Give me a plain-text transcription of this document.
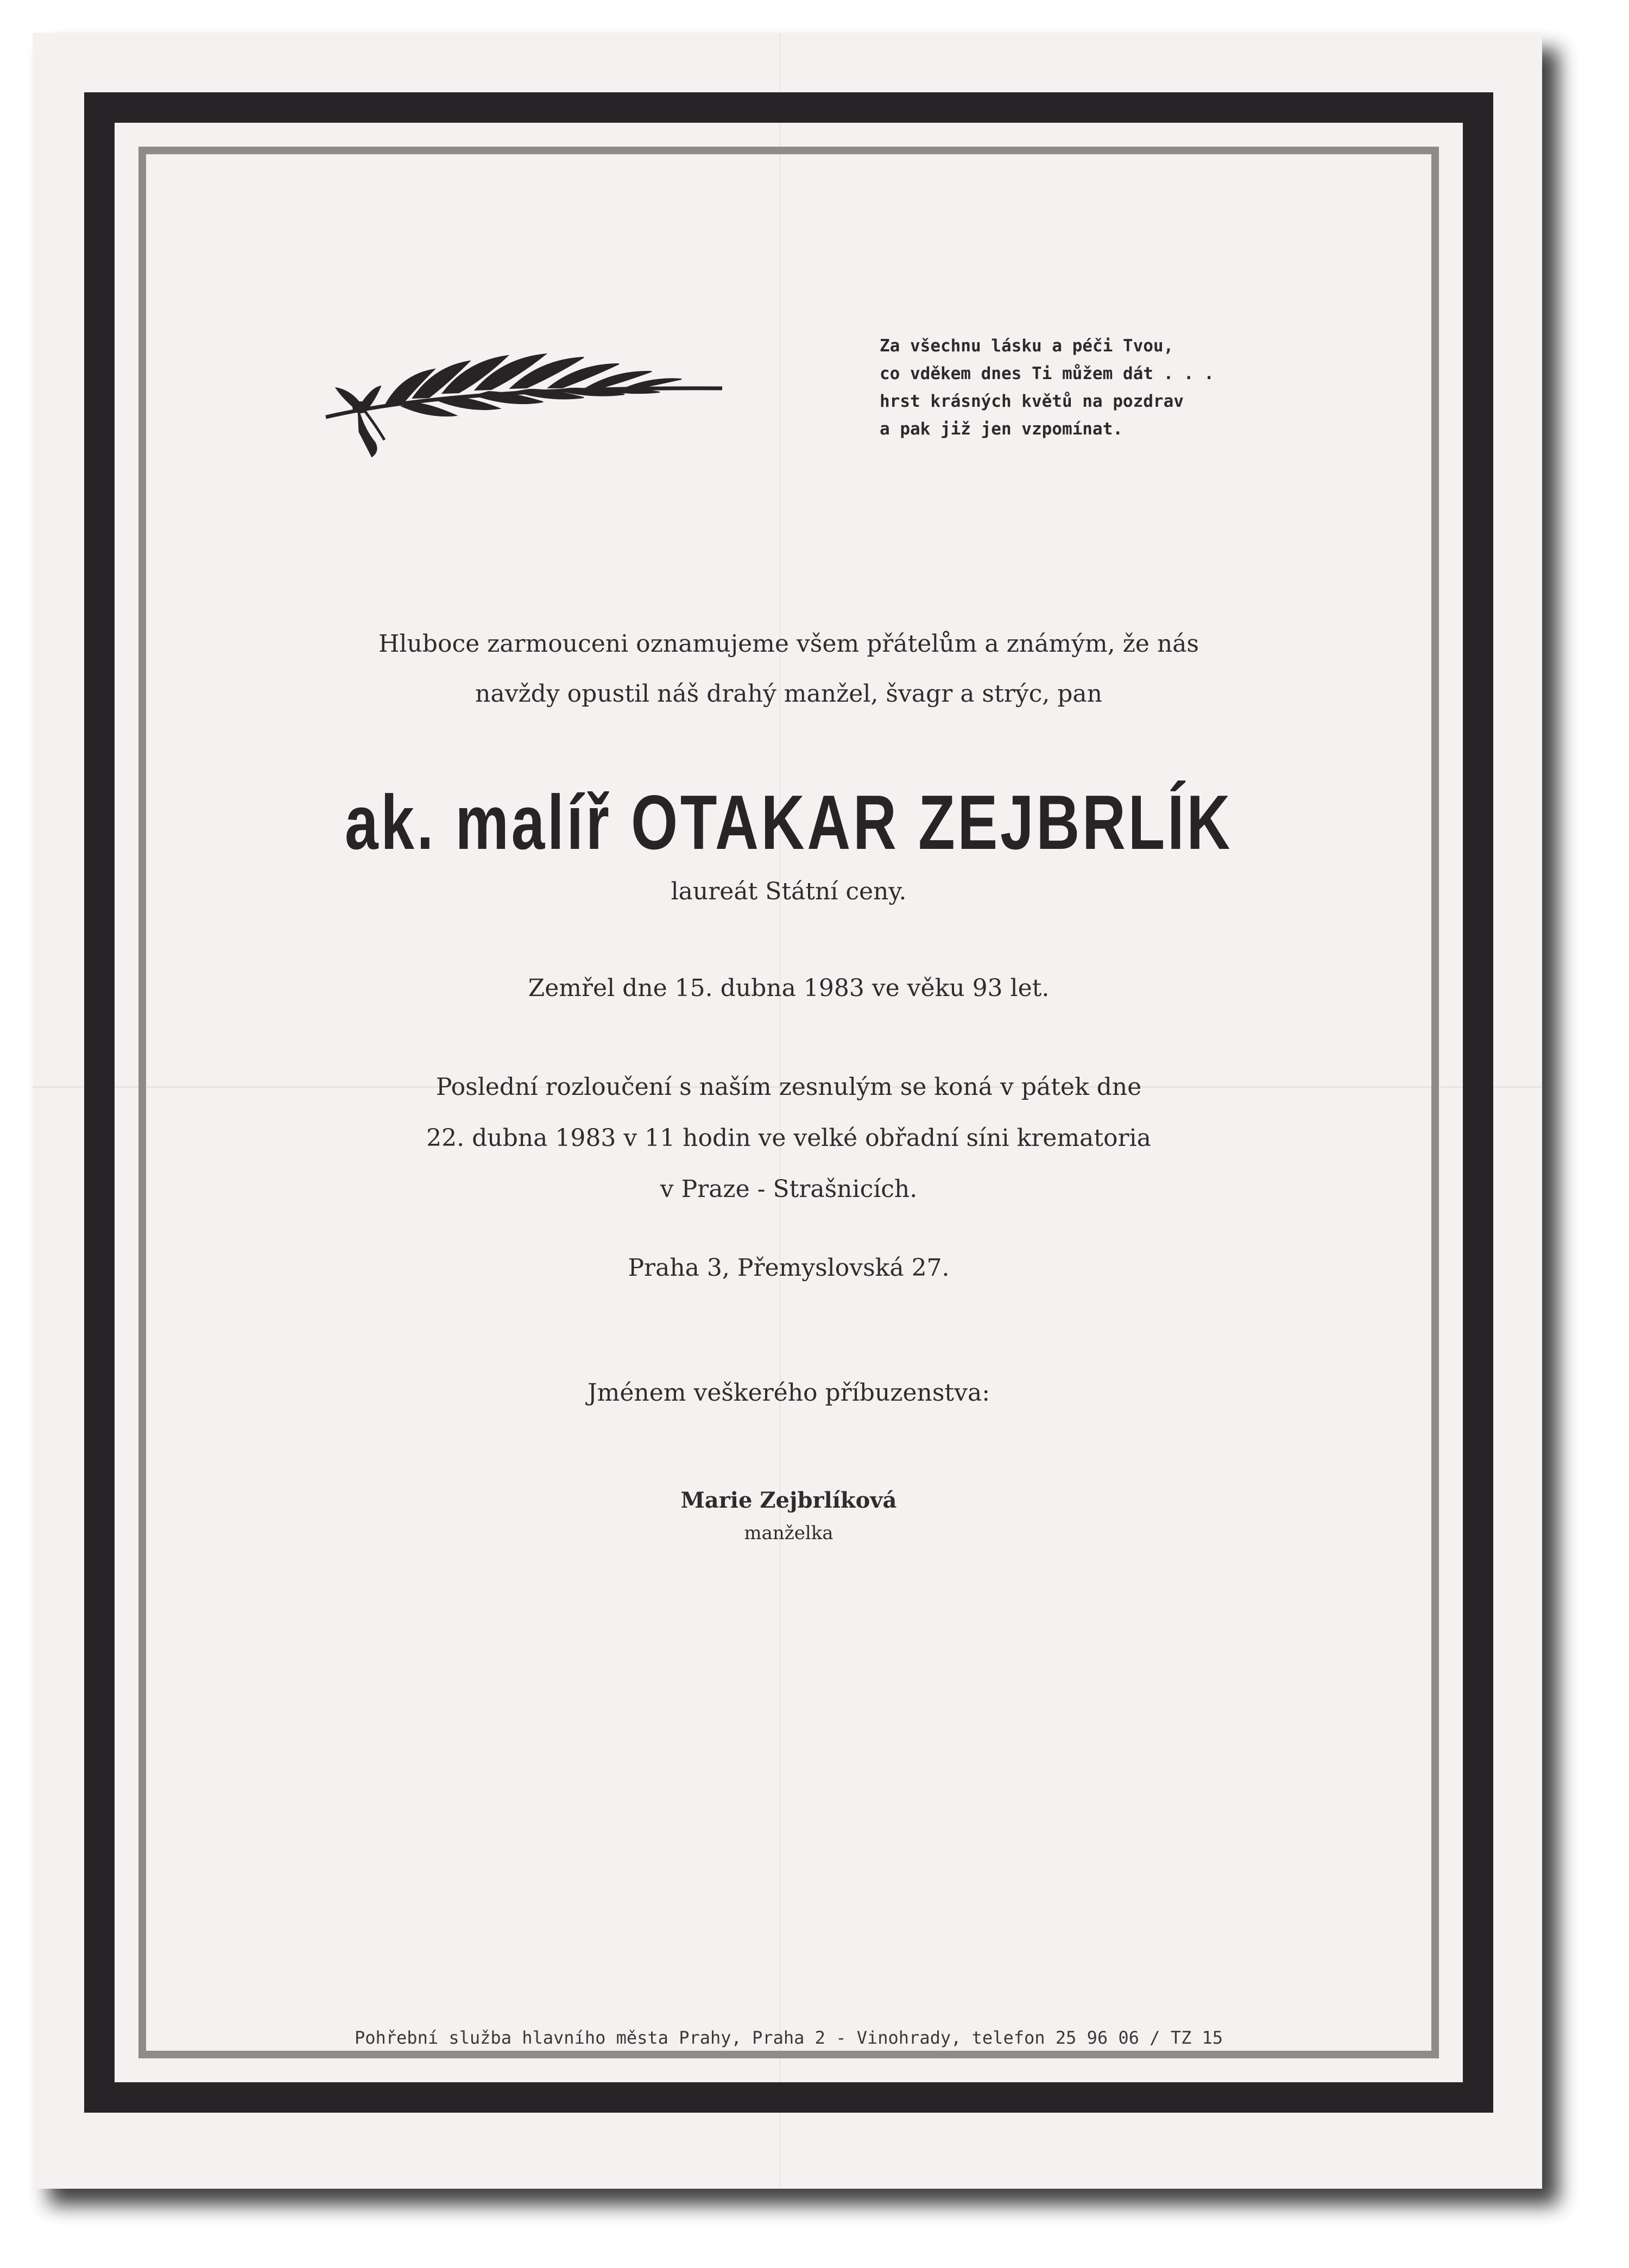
Za všechnu lásku a péči Tvou,
co vděkem dnes Ti můžem dát . . .
hrst krásných květů na pozdrav
a pak již jen vzpomínat.
Hluboce zarmouceni oznamujeme všem přátelům a známým, že nás
navždy opustil náš drahý manžel, švagr a strýc, pan
ak. malíř OTAKAR ZEJBRLÍK
laureát Státní ceny.
Zemřel dne 15. dubna 1983 ve věku 93 let.
Poslední rozloučení s naším zesnulým se koná v pátek dne
22. dubna 1983 v 11 hodin ve velké obřadní síni krematoria
v Praze - Strašnicích.
Praha 3, Přemyslovská 27.
Jménem veškerého příbuzenstva:
Marie Zejbrlíková
manželka
Pohřební služba hlavního města Prahy, Praha 2 - Vinohrady, telefon 25 96 06 / TZ 15
